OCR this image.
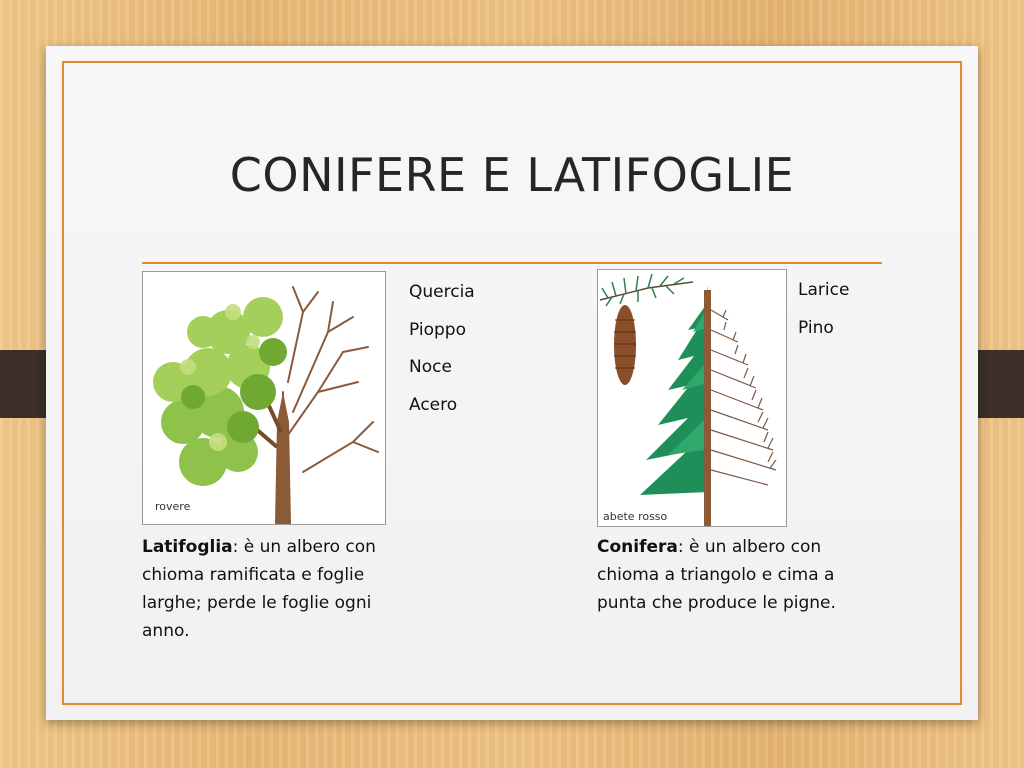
CONIFERE E LATIFOGLIE
rovere
Quercia
Pioppo
Noce
Acero
Latifoglia: è un albero con chioma ramificata e foglie larghe; perde le foglie ogni anno.
abete rosso
Larice
Pino
Conifera: è un albero con chioma a triangolo e cima a punta che produce le pigne.
